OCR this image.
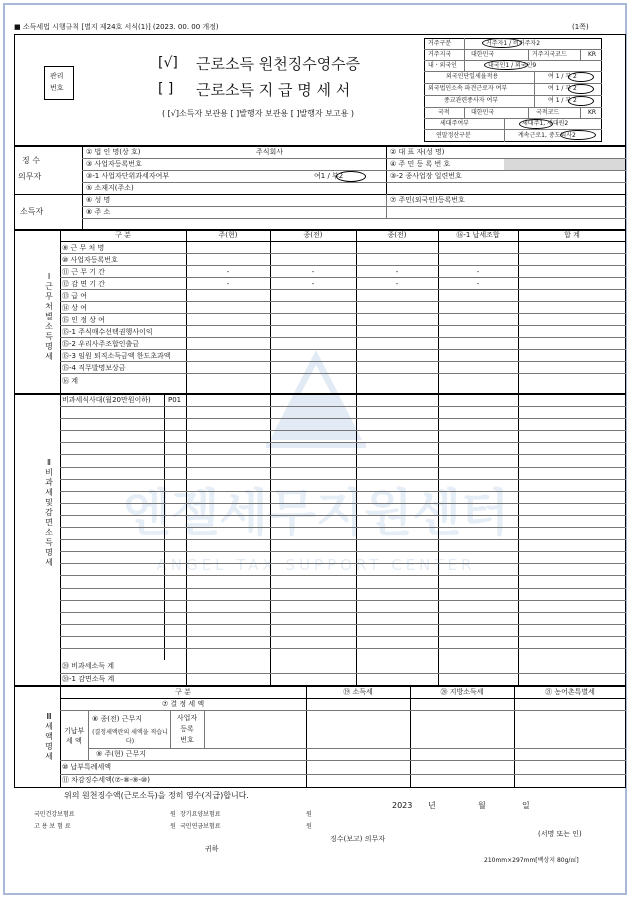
엔젤세무지원센터
ANGEL TAX SUPPORT CENTER
■ 소득세법 시행규칙 [별지 제24호 서식(1)] (2023. 00. 00 개정)	(1쪽)
관리
번호
[√] 근로소득 원천징수영수증
[ ] 근로소득 지 급 명 세 서
( [√]소득자 보관용 [ ]발행자 보관용 [ ]발행자 보고용 )
거주구분	거주자1 / 비거주자2
거주지국	대한민국	거주지국코드	KR
내ㆍ외국인	내국인1 / 외국인9
외국인단일세율적용	여 1 / 부 2
외국법인소속 파견근로자 여부	여 1 / 부 2
종교관련종사자 여부	여 1 / 부 2
국적	대한민국	국적코드	KR
세대주여부	세대주1, 세대원2
연말정산구분	계속근로1, 중도퇴사2
징 수
의무자
① 법 인 명(상 호)	주식회사	② 대 표 자(성 명)
③ 사업자등록번호	④ 주 민 등 록 번 호
③-1 사업자단위과세자여부	여1 / 부2	③-2 종사업장 일련번호
⑤ 소재지(주소)
소득자
⑥ 성 명	⑦ 주민(외국인)등록번호
⑧ 주 소
Ⅰ 근무처별소득명세
구 분	주(현)	종(전)	종(전)	⑯-1 납세조합	합 계
⑨ 근 무 처 명
⑩ 사업자등록번호
⑪ 근 무 기 간	-	-	-	-
⑫ 감 면 기 간	-	-	-	-
⑬ 급 여
⑭ 상 여
⑮ 인 정 상 여
⑮-1 주식매수선택권행사이익
⑮-2 우리사주조합인출금
⑮-3 임원 퇴직소득금액 한도초과액
⑮-4 직무발명보상금
⑯ 계
Ⅱ 비과세 및 감면소득명세
비과세식사대(월20만원이하) P01
⑳ 비과세소득 계
⑳-1 감면소득 계
Ⅲ 세액명세
구 분	⑲ 소득세	⑳ 지방소득세	㉑ 농어촌특별세
⑦ 결 정 세 액
기납부
세 액
⑧ 종(전) 근무지
(결정세액란의 세액을 적습니다)
사업자
등록
번호
⑨ 주(현) 근무지
⑩ 납부특례세액
⑪ 차감징수세액(⑦-⑧-⑨-⑩)
위의 원천징수액(근로소득)을 정히 영수(지급)합니다.
2023 년	월	일
국민건강보험료	원 장기요양보험료	원
고 용 보 험 료	원 국민연금보험료	원
징수(보고) 의무자
(서명 또는 인)
귀하
210mm×297mm[백상지 80g/㎡]
